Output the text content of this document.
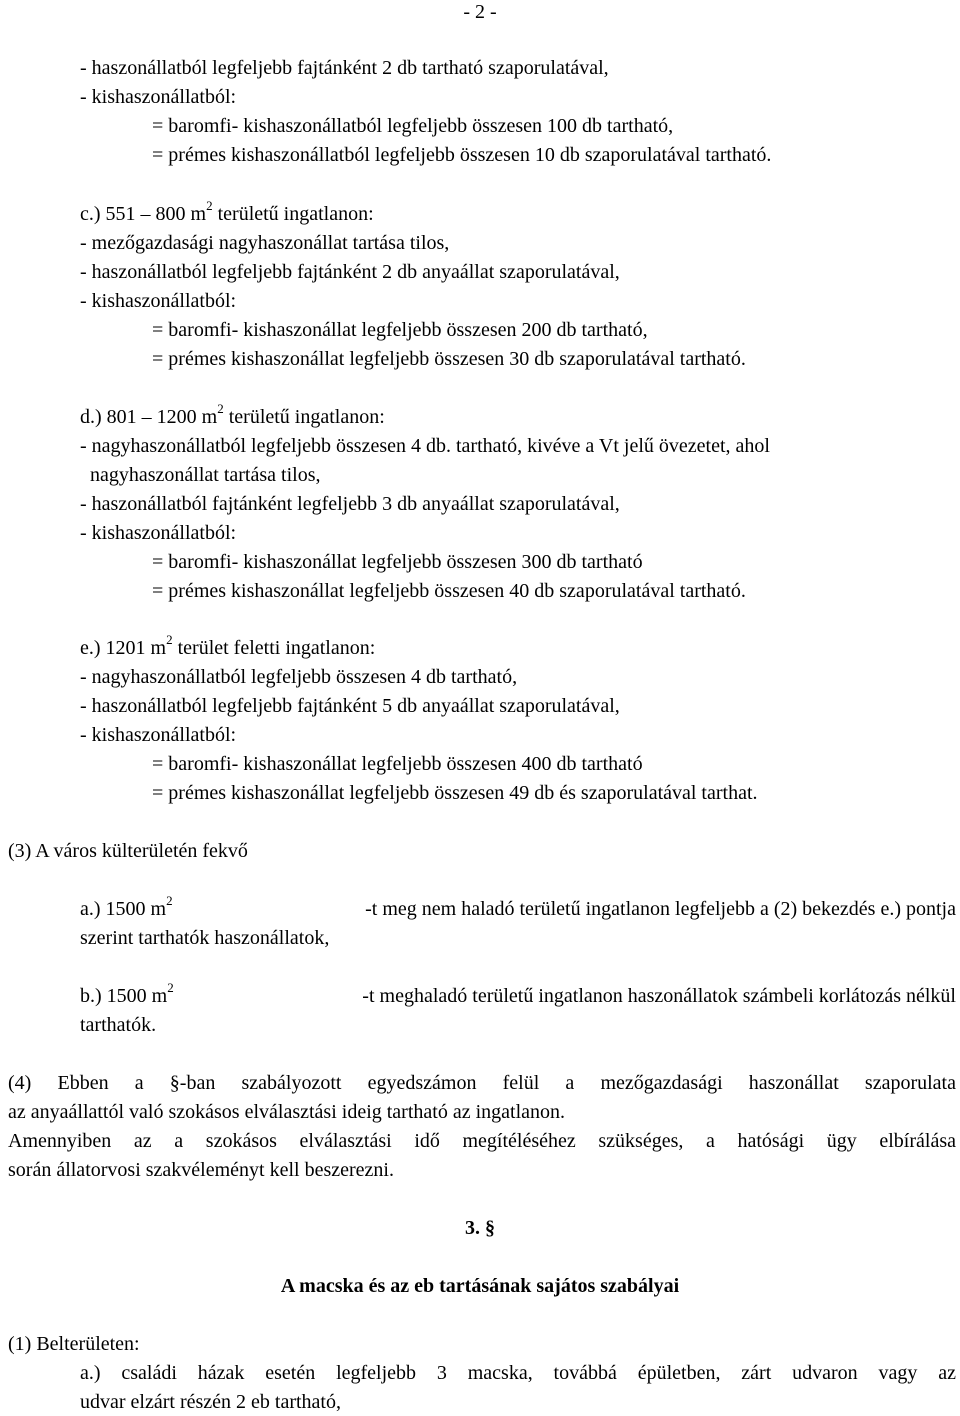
- 2 -
- haszonállatból legfeljebb fajtánként 2 db tartható szaporulatával,
- kishaszonállatból:
= baromfi- kishaszonállatból legfeljebb összesen 100 db tartható,
= prémes kishaszonállatból legfeljebb összesen 10 db szaporulatával tartható.
c.) 551 – 800 $m^2$ területű ingatlanon:
- mezőgazdasági nagyhaszonállat tartása tilos,
- haszonállatból legfeljebb fajtánként 2 db anyaállat szaporulatával,
- kishaszonállatból:
= baromfi- kishaszonállat legfeljebb összesen 200 db tartható,
= prémes kishaszonállat legfeljebb összesen 30 db szaporulatával tartható.
d.) 801 – 1200 $m^2$ területű ingatlanon:
- nagyhaszonállatból legfeljebb összesen 4 db. tartható, kivéve a Vt jelű övezetet, ahol
nagyhaszonállat tartása tilos,
- haszonállatból fajtánként legfeljebb 3 db anyaállat szaporulatával,
- kishaszonállatból:
= baromfi- kishaszonállat legfeljebb összesen 300 db tartható
= prémes kishaszonállat legfeljebb összesen 40 db szaporulatával tartható.
e.) 1201 $m^2$ terület feletti ingatlanon:
- nagyhaszonállatból legfeljebb összesen 4 db tartható,
- haszonállatból legfeljebb fajtánként 5 db anyaállat szaporulatával,
- kishaszonállatból:
= baromfi- kishaszonállat legfeljebb összesen 400 db tartható
= prémes kishaszonállat legfeljebb összesen 49 db és szaporulatával tarthat.
(3) A város külterületén fekvő
a.) 1500 $m^2$	-t meg nem haladó területű ingatlanon legfeljebb a (2) bekezdés e.) pontja
szerint tarthatók haszonállatok,
b.) 1500 $m^2$	-t meghaladó területű ingatlanon haszonállatok számbeli korlátozás nélkül
tarthatók.
(4) Ebben a §-ban szabályozott egyedszámon felül a mezőgazdasági haszonállat szaporulata
az anyaállattól való szokásos elválasztási ideig tartható az ingatlanon.
Amennyiben az a szokásos elválasztási idő megítéléséhez szükséges, a hatósági ügy elbírálása
során állatorvosi szakvéleményt kell beszerezni.
3. §
A macska és az eb tartásának sajátos szabályai
(1) Belterületen:
a.) családi házak esetén legfeljebb 3 macska, továbbá épületben, zárt udvaron vagy az
udvar elzárt részén 2 eb tartható,
